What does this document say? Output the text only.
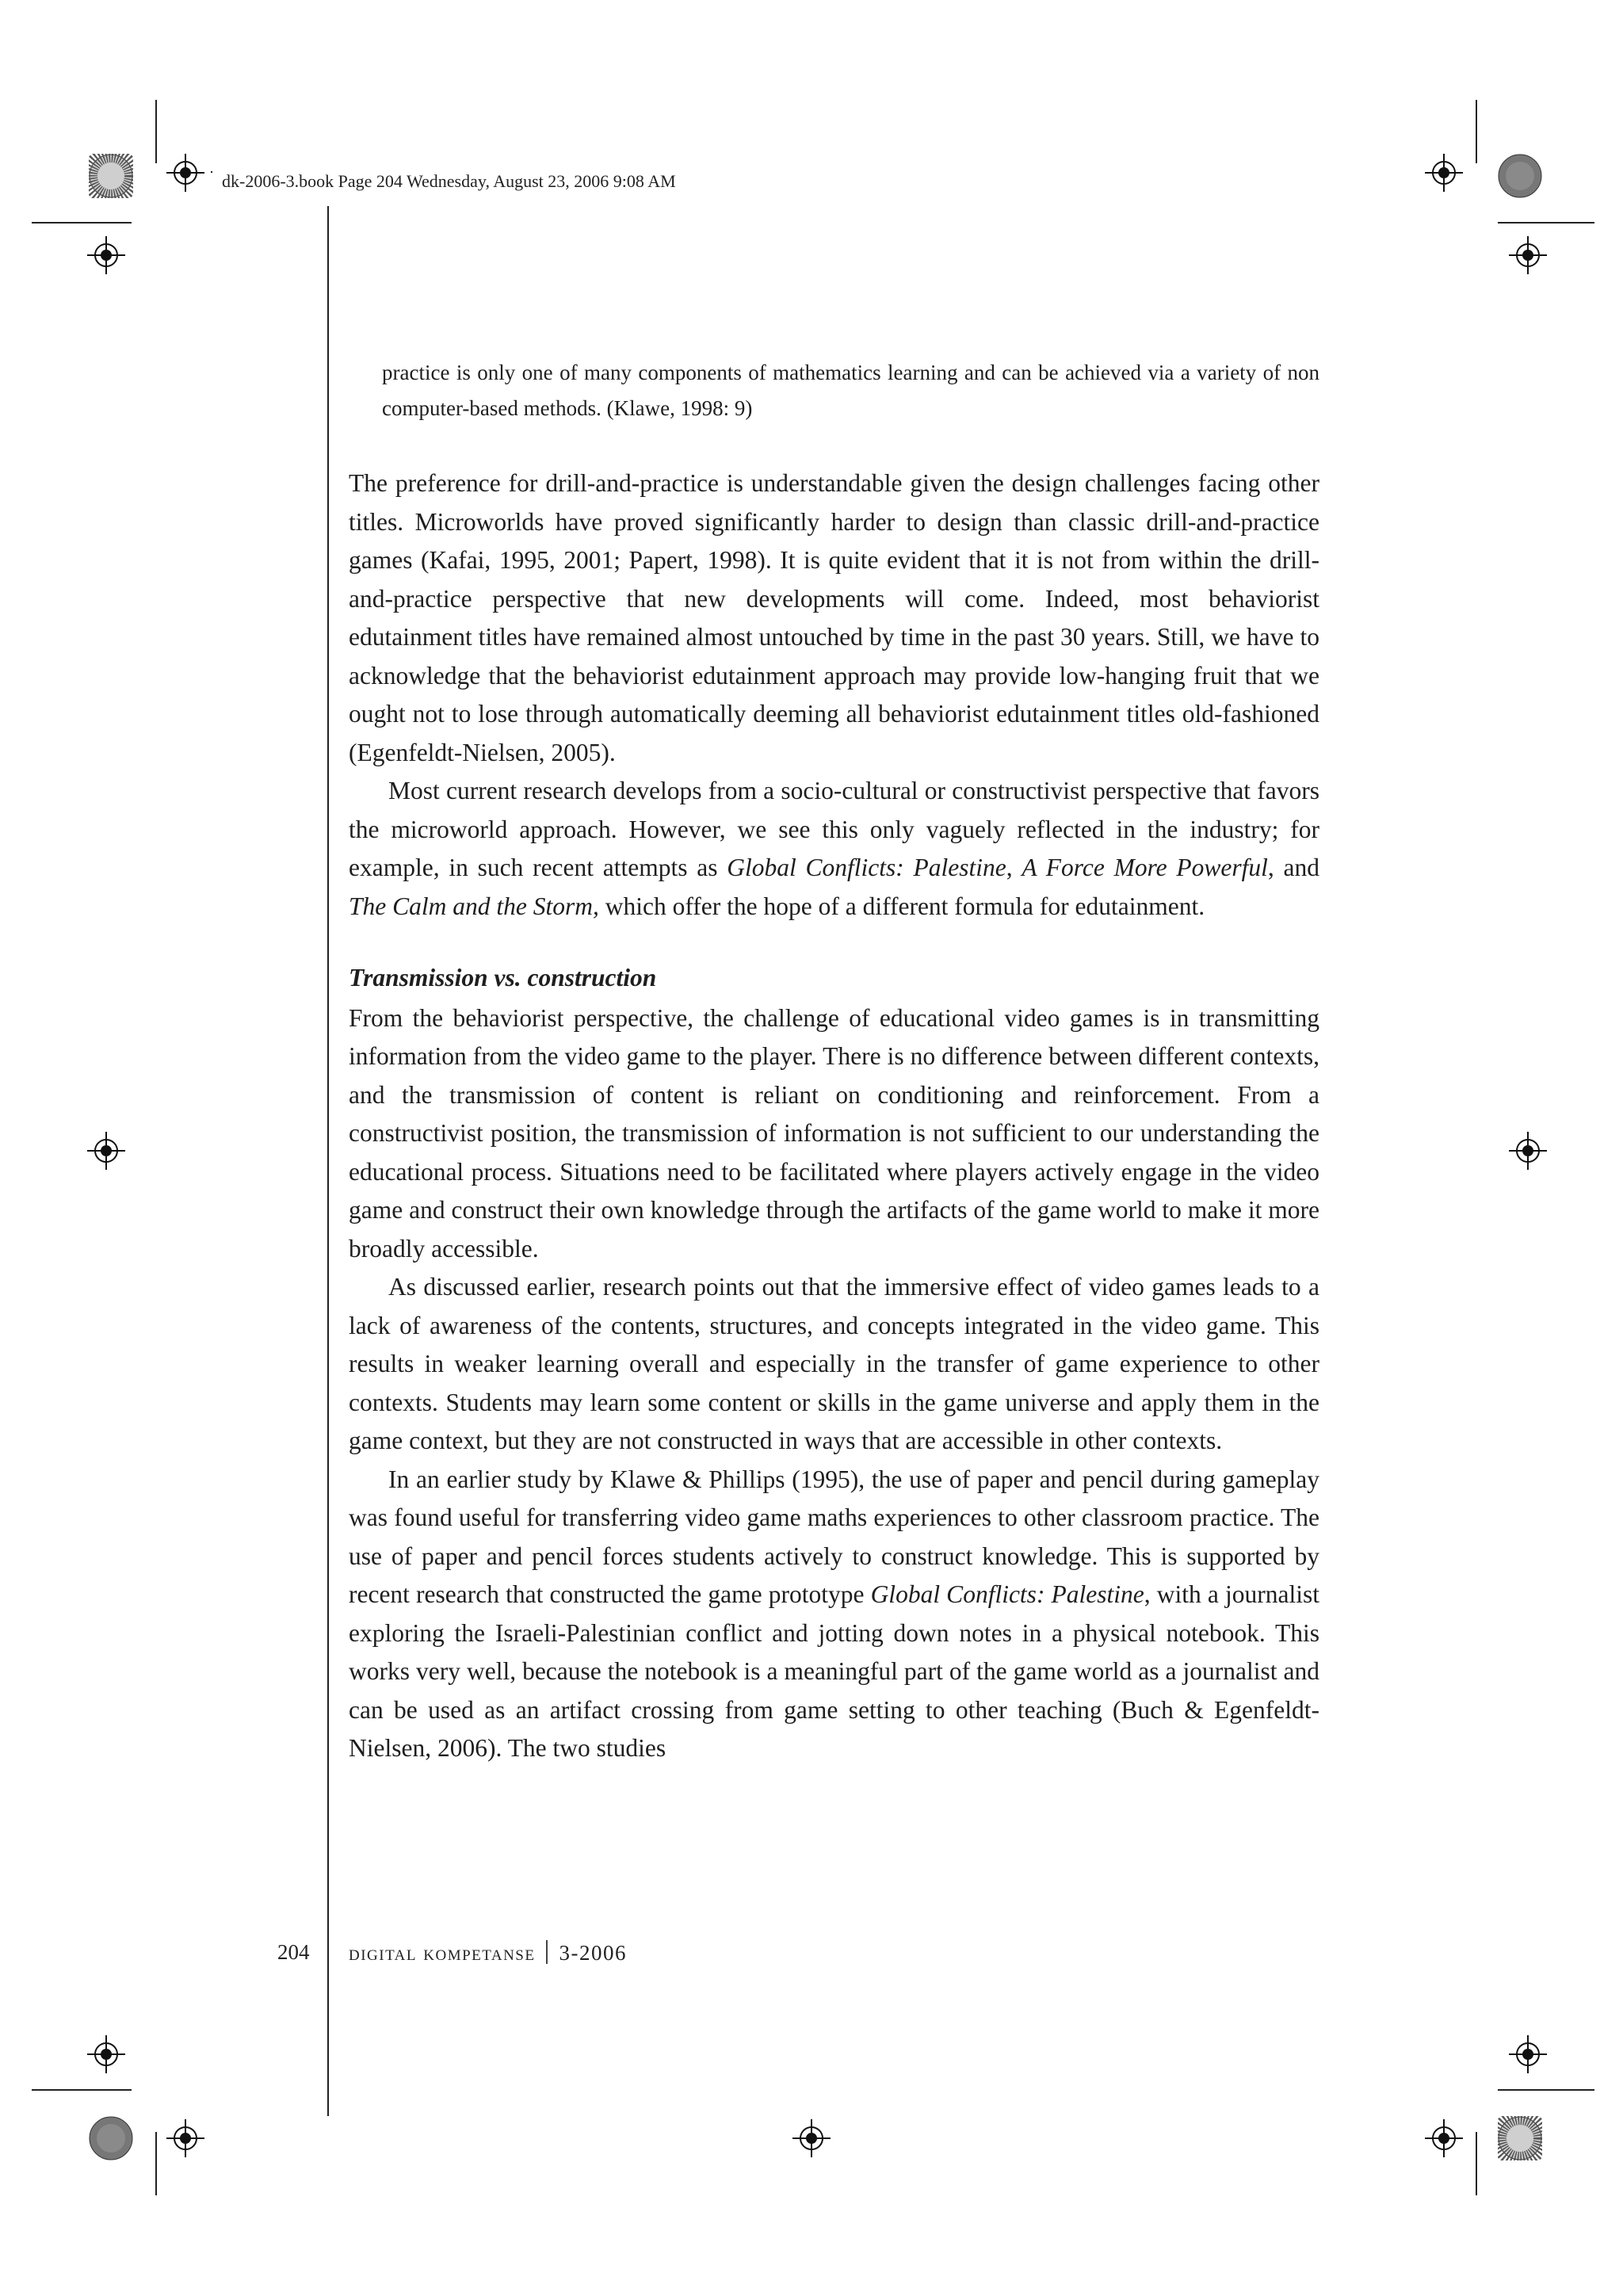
dk-2006-3.book Page 204 Wednesday, August 23, 2006 9:08 AM

practice is only one of many components of mathematics learning and can be achieved via a variety of non computer-based methods. (Klawe, 1998: 9)

The preference for drill-and-practice is understandable given the design challenges facing other titles. Microworlds have proved significantly harder to design than classic drill-and-practice games (Kafai, 1995, 2001; Papert, 1998). It is quite evident that it is not from within the drill-and-practice perspective that new developments will come. Indeed, most behaviorist edutainment titles have remained almost untouched by time in the past 30 years. Still, we have to acknowledge that the behaviorist edutainment approach may provide low-hanging fruit that we ought not to lose through automatically deeming all behaviorist edutainment titles old-fashioned (Egenfeldt-Nielsen, 2005).

Most current research develops from a socio-cultural or constructivist perspective that favors the microworld approach. However, we see this only vaguely reflected in the industry; for example, in such recent attempts as Global Conflicts: Palestine, A Force More Powerful, and The Calm and the Storm, which offer the hope of a different formula for edutainment.

Transmission vs. construction

From the behaviorist perspective, the challenge of educational video games is in transmitting information from the video game to the player. There is no difference between different contexts, and the transmission of content is reliant on conditioning and reinforcement. From a constructivist position, the transmission of information is not sufficient to our understanding the educational process. Situations need to be facilitated where players actively engage in the video game and construct their own knowledge through the artifacts of the game world to make it more broadly accessible.

As discussed earlier, research points out that the immersive effect of video games leads to a lack of awareness of the contents, structures, and concepts integrated in the video game. This results in weaker learning overall and especially in the transfer of game experience to other contexts. Students may learn some content or skills in the game universe and apply them in the game context, but they are not constructed in ways that are accessible in other contexts.

In an earlier study by Klawe & Phillips (1995), the use of paper and pencil during gameplay was found useful for transferring video game maths experiences to other classroom practice. The use of paper and pencil forces students actively to construct knowledge. This is supported by recent research that constructed the game prototype Global Conflicts: Palestine, with a journalist exploring the Israeli-Palestinian conflict and jotting down notes in a physical notebook. This works very well, because the notebook is a meaningful part of the game world as a journalist and can be used as an artifact crossing from game setting to other teaching (Buch & Egenfeldt-Nielsen, 2006). The two studies

204 digital kompetanse 3-2006
